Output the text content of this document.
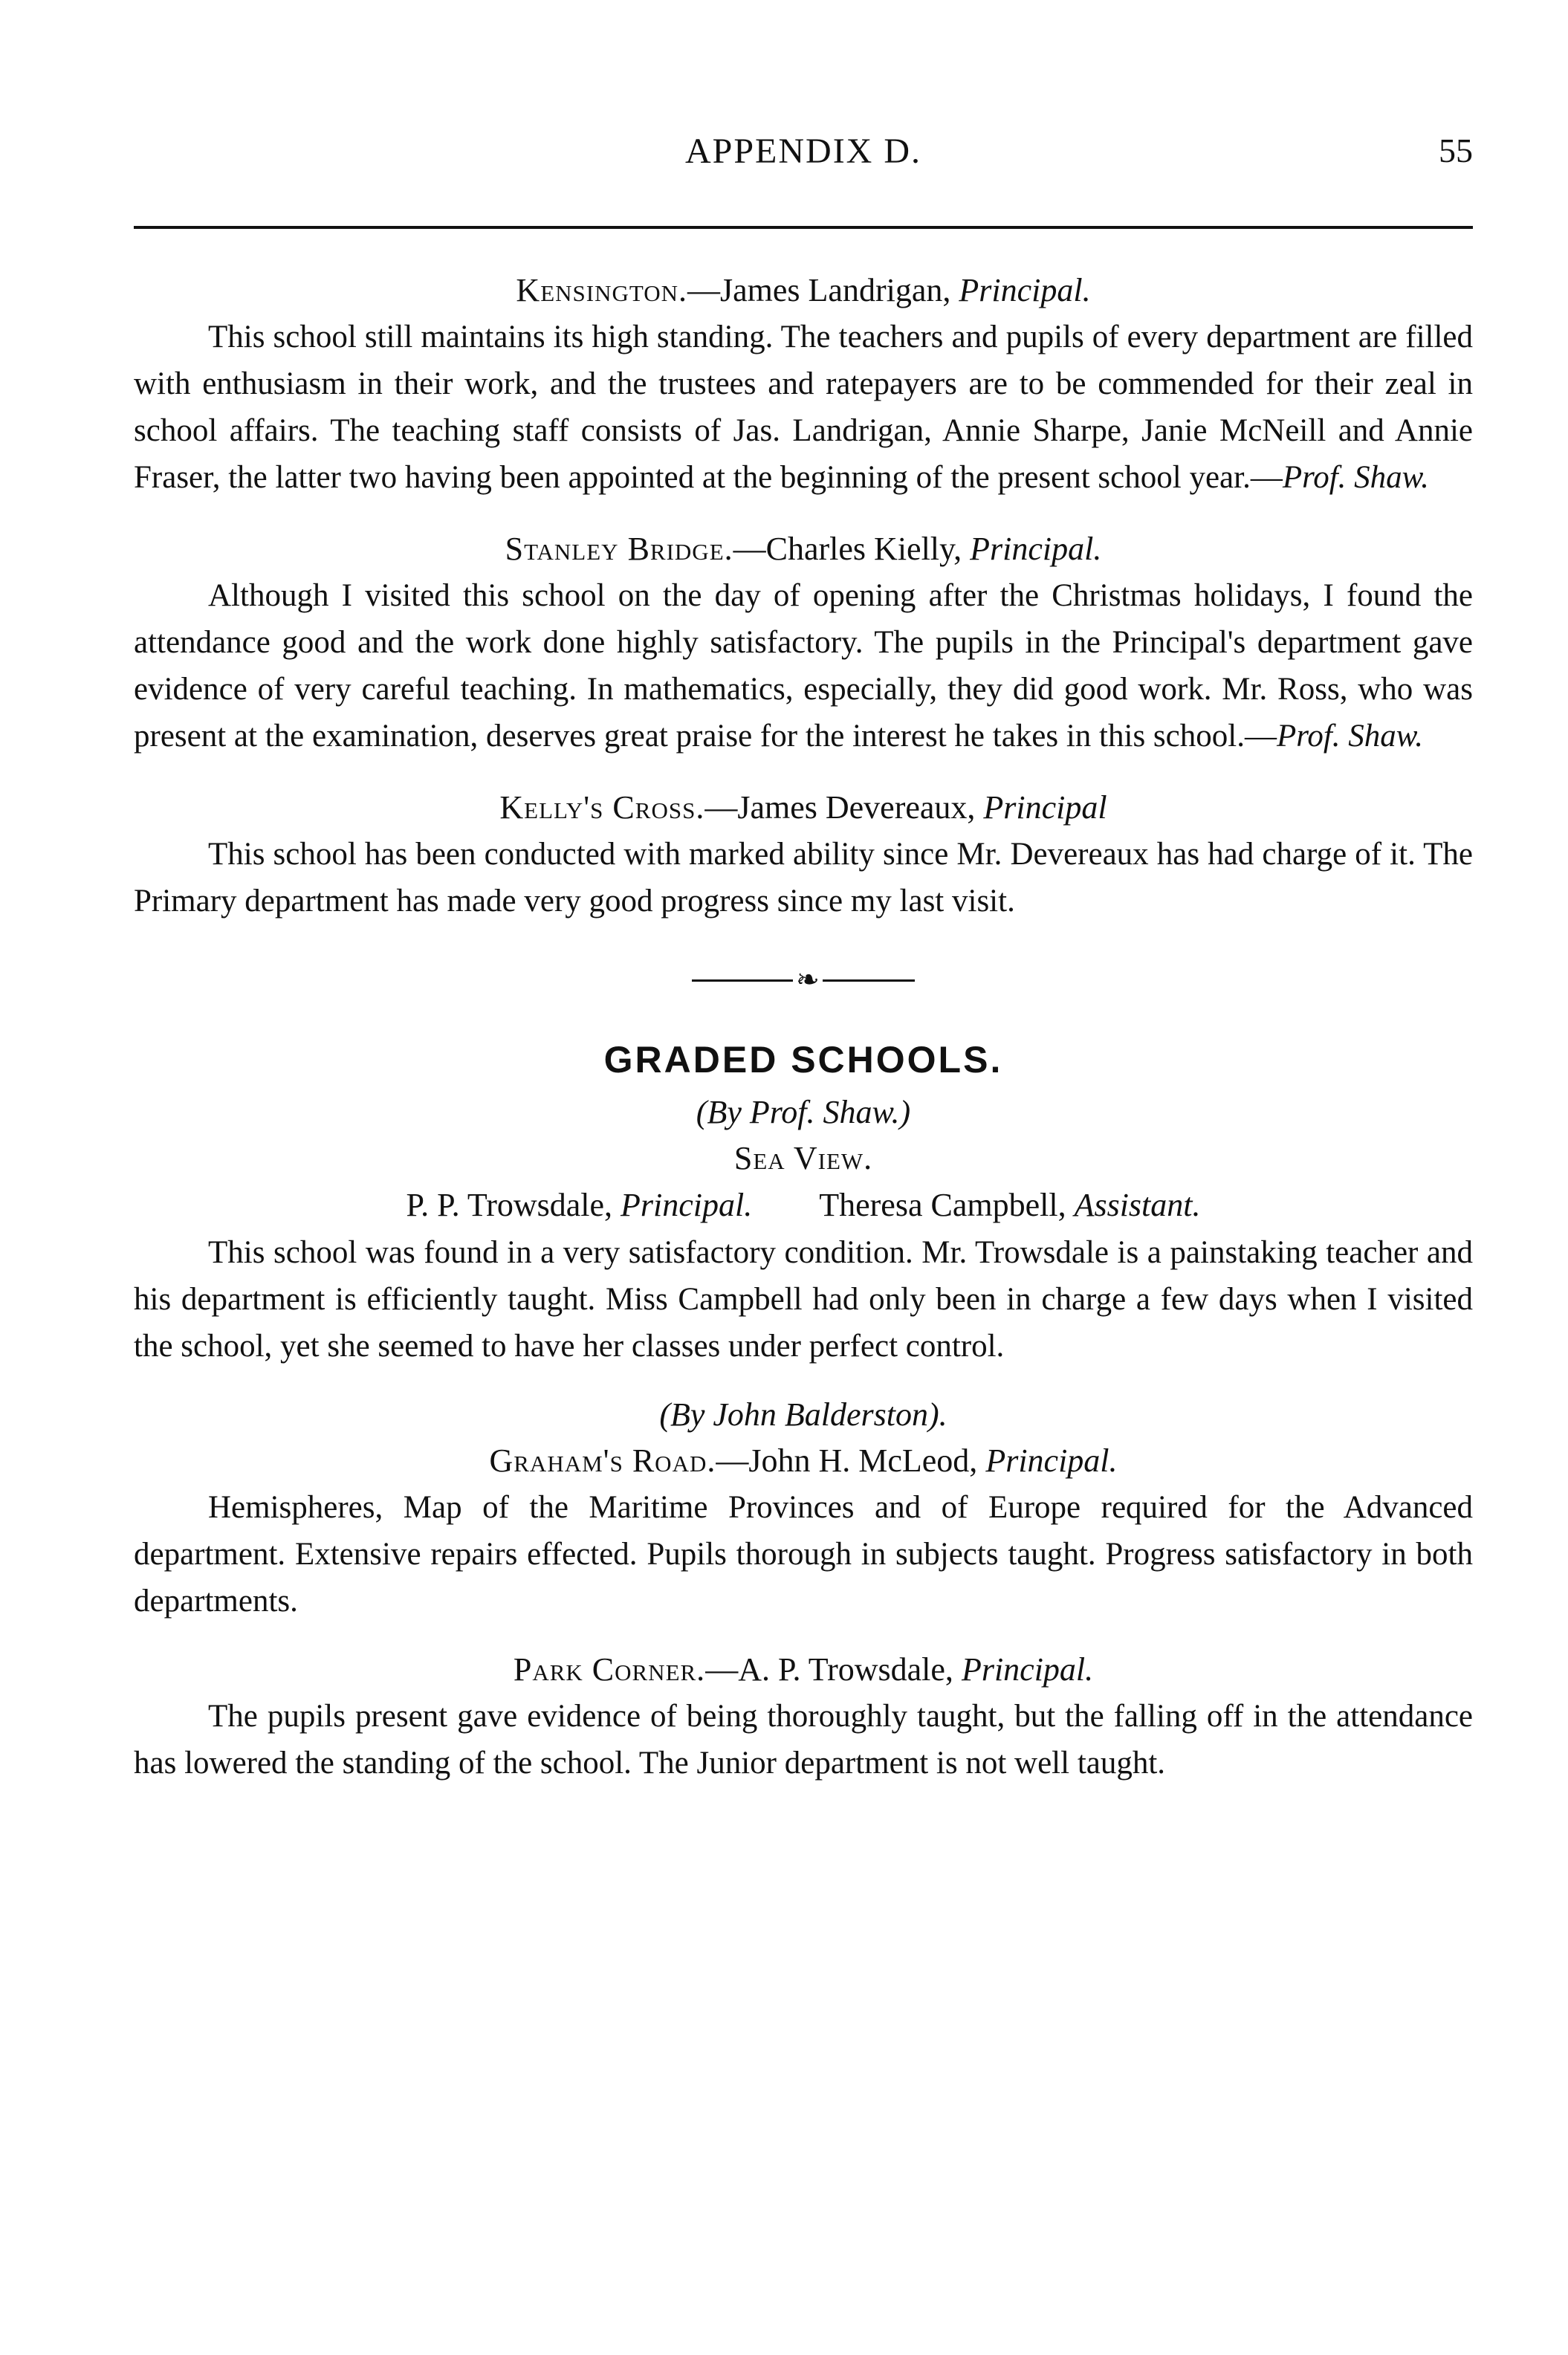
APPENDIX D.	55

Kensington.—James Landrigan, Principal.

This school still maintains its high standing. The teachers and pupils of every department are filled with enthusiasm in their work, and the trustees and ratepayers are to be commended for their zeal in school affairs. The teaching staff consists of Jas. Landrigan, Annie Sharpe, Janie McNeill and Annie Fraser, the latter two having been appointed at the beginning of the present school year.—Prof. Shaw.

Stanley Bridge.—Charles Kielly, Principal.

Although I visited this school on the day of opening after the Christmas holidays, I found the attendance good and the work done highly satisfactory. The pupils in the Principal's department gave evidence of very careful teaching. In mathematics, especially, they did good work. Mr. Ross, who was present at the examination, deserves great praise for the interest he takes in this school.—Prof. Shaw.

Kelly's Cross.—James Devereaux, Principal

This school has been conducted with marked ability since Mr. Devereaux has had charge of it. The Primary department has made very good progress since my last visit.

❧

GRADED SCHOOLS.

(By Prof. Shaw.)

Sea View.

P. P. Trowsdale, Principal. Theresa Campbell, Assistant.

This school was found in a very satisfactory condition. Mr. Trowsdale is a painstaking teacher and his department is efficiently taught. Miss Campbell had only been in charge a few days when I visited the school, yet she seemed to have her classes under perfect control.

(By John Balderston).

Graham's Road.—John H. McLeod, Principal.

Hemispheres, Map of the Maritime Provinces and of Europe required for the Advanced department. Extensive repairs effected. Pupils thorough in subjects taught. Progress satisfactory in both departments.

Park Corner.—A. P. Trowsdale, Principal.

The pupils present gave evidence of being thoroughly taught, but the falling off in the attendance has lowered the standing of the school. The Junior department is not well taught.
